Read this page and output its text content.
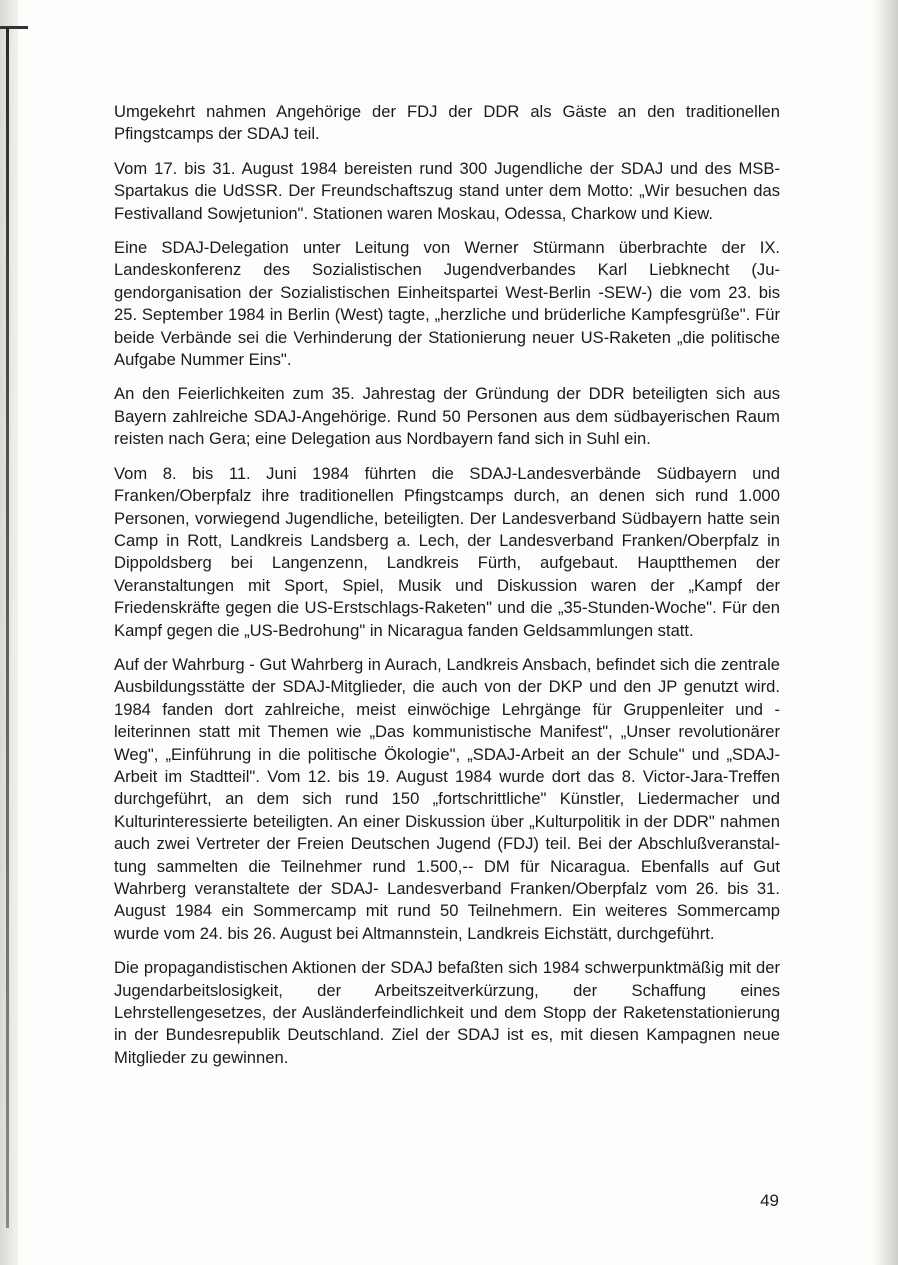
Umgekehrt nahmen Angehörige der FDJ der DDR als Gäste an den traditionellen Pfingstcamps der SDAJ teil.

Vom 17. bis 31. August 1984 bereisten rund 300 Jugendliche der SDAJ und des MSB-Spartakus die UdSSR. Der Freundschaftszug stand unter dem Motto: „Wir besuchen das Festivalland Sowjetunion". Stationen waren Moskau, Odessa, Charkow und Kiew.

Eine SDAJ-Delegation unter Leitung von Werner Stürmann überbrachte der IX. Landeskonferenz des Sozialistischen Jugendverbandes Karl Liebknecht (Jugendorganisation der Sozialistischen Einheitspartei West-Berlin -SEW-) die vom 23. bis 25. September 1984 in Berlin (West) tagte, „herzliche und brüderliche Kampfesgrüße". Für beide Verbände sei die Verhinderung der Stationierung neuer US-Raketen „die politische Aufgabe Nummer Eins".

An den Feierlichkeiten zum 35. Jahrestag der Gründung der DDR beteiligten sich aus Bayern zahlreiche SDAJ-Angehörige. Rund 50 Personen aus dem südbayerischen Raum reisten nach Gera; eine Delegation aus Nordbayern fand sich in Suhl ein.

Vom 8. bis 11. Juni 1984 führten die SDAJ-Landesverbände Südbayern und Franken/Oberpfalz ihre traditionellen Pfingstcamps durch, an denen sich rund 1.000 Personen, vorwiegend Jugendliche, beteiligten. Der Landesverband Südbayern hatte sein Camp in Rott, Landkreis Landsberg a. Lech, der Landesverband Franken/Oberpfalz in Dippoldsberg bei Langenzenn, Landkreis Fürth, aufgebaut. Hauptthemen der Veranstaltungen mit Sport, Spiel, Musik und Diskussion waren der „Kampf der Friedenskräfte gegen die US-Erstschlags-Raketen" und die „35-Stunden-Woche". Für den Kampf gegen die „US-Bedrohung" in Nicaragua fanden Geldsammlungen statt.

Auf der Wahrburg - Gut Wahrberg in Aurach, Landkreis Ansbach, befindet sich die zentrale Ausbildungsstätte der SDAJ-Mitglieder, die auch von der DKP und den JP genutzt wird. 1984 fanden dort zahlreiche, meist einwöchige Lehrgänge für Gruppenleiter und -leiterinnen statt mit Themen wie „Das kommunistische Manifest", „Unser revolutionärer Weg", „Einführung in die politische Ökologie", „SDAJ-Arbeit an der Schule" und „SDAJ-Arbeit im Stadtteil". Vom 12. bis 19. August 1984 wurde dort das 8. Victor-Jara-Treffen durchgeführt, an dem sich rund 150 „fortschrittliche" Künstler, Liedermacher und Kulturinteressierte beteiligten. An einer Diskussion über „Kulturpolitik in der DDR" nahmen auch zwei Vertreter der Freien Deutschen Jugend (FDJ) teil. Bei der Abschlußveranstaltung sammelten die Teilnehmer rund 1.500,-- DM für Nicaragua. Ebenfalls auf Gut Wahrberg veranstaltete der SDAJ- Landesverband Franken/Oberpfalz vom 26. bis 31. August 1984 ein Sommercamp mit rund 50 Teilnehmern. Ein weiteres Sommercamp wurde vom 24. bis 26. August bei Altmannstein, Landkreis Eichstätt, durchgeführt.

Die propagandistischen Aktionen der SDAJ befaßten sich 1984 schwerpunktmäßig mit der Jugendarbeitslosigkeit, der Arbeitszeitverkürzung, der Schaffung eines Lehrstellengesetzes, der Ausländerfeindlichkeit und dem Stopp der Raketenstationierung in der Bundesrepublik Deutschland. Ziel der SDAJ ist es, mit diesen Kampagnen neue Mitglieder zu gewinnen.

49
